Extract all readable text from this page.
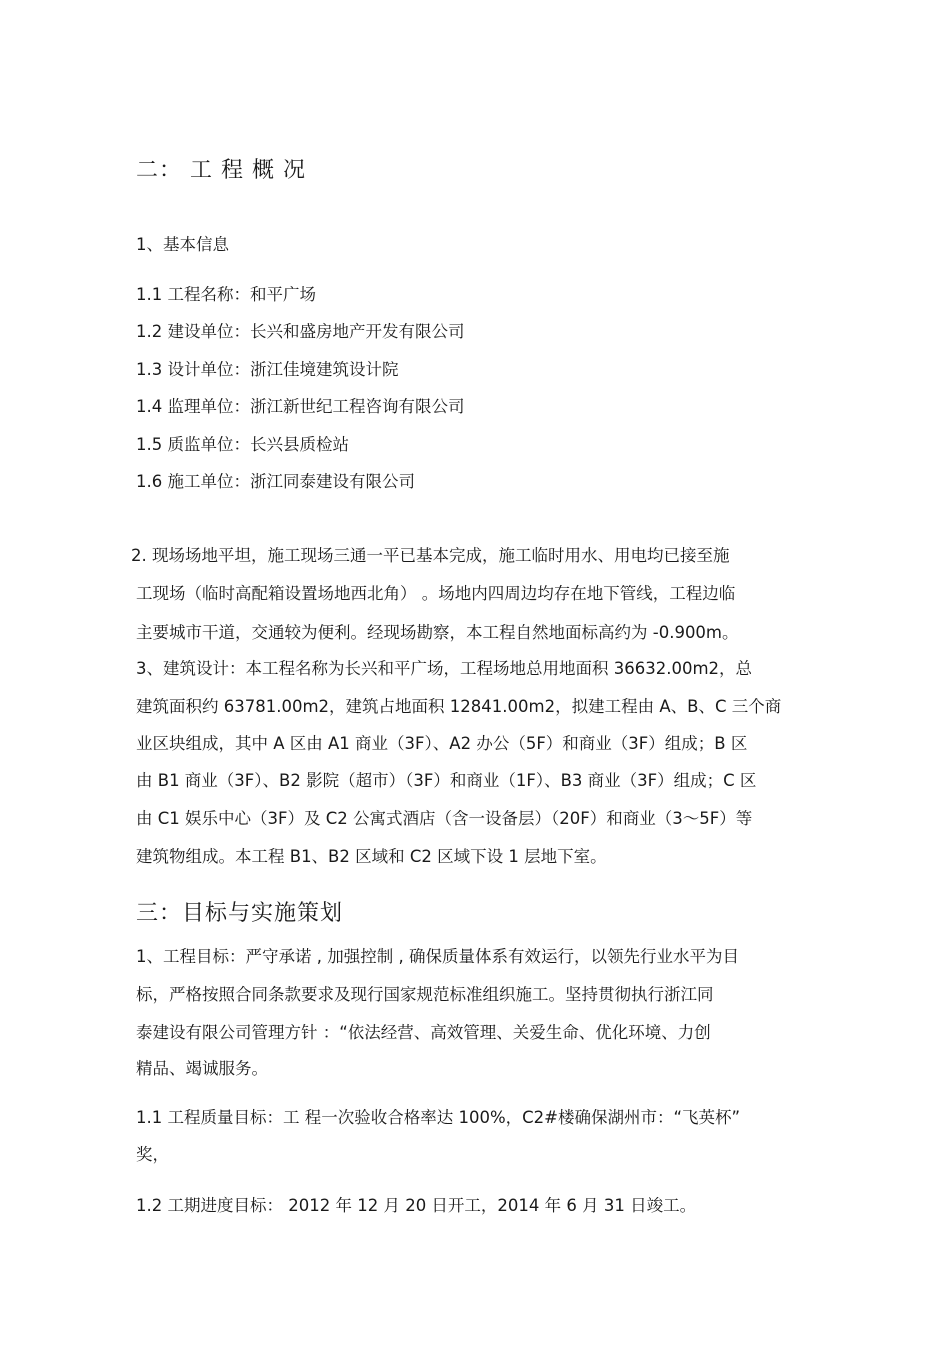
二： 工 程 概 况
1、基本信息
1.1 工程名称：和平广场
1.2 建设单位：长兴和盛房地产开发有限公司
1.3 设计单位：浙江佳境建筑设计院
1.4 监理单位：浙江新世纪工程咨询有限公司
1.5 质监单位：长兴县质检站
1.6 施工单位：浙江同泰建设有限公司
2. 现场场地平坦，施工现场三通一平已基本完成，施工临时用水、用电均已接至施
工现场（临时高配箱设置场地西北角） 。场地内四周边均存在地下管线，工程边临
主要城市干道，交通较为便利。经现场勘察，本工程自然地面标高约为 -0.900m。
3、建筑设计：本工程名称为长兴和平广场，工程场地总用地面积 36632.00m2，总
建筑面积约 63781.00m2，建筑占地面积 12841.00m2，拟建工程由 A、B、C 三个商
业区块组成，其中 A 区由 A1 商业（3F）、A2 办公（5F）和商业（3F）组成；B 区
由 B1 商业（3F）、B2 影院（超市）（3F）和商业（1F）、B3 商业（3F）组成；C 区
由 C1 娱乐中心（3F）及 C2 公寓式酒店（含一设备层）（20F）和商业（3～5F）等
建筑物组成。本工程 B1、B2 区域和 C2 区域下设 1 层地下室。
三：目标与实施策划
1、工程目标：严守承诺 , 加强控制 , 确保质量体系有效运行，以领先行业水平为目
标，严格按照合同条款要求及现行国家规范标准组织施工。坚持贯彻执行浙江同
泰建设有限公司管理方针 ：“依法经营、高效管理、关爱生命、优化环境、力创
精品、竭诚服务。
1.1 工程质量目标：工 程一次验收合格率达 100%，C2#楼确保湖州市：“飞英杯”
奖，
1.2 工期进度目标： 2012 年 12 月 20 日开工，2014 年 6 月 31 日竣工。
